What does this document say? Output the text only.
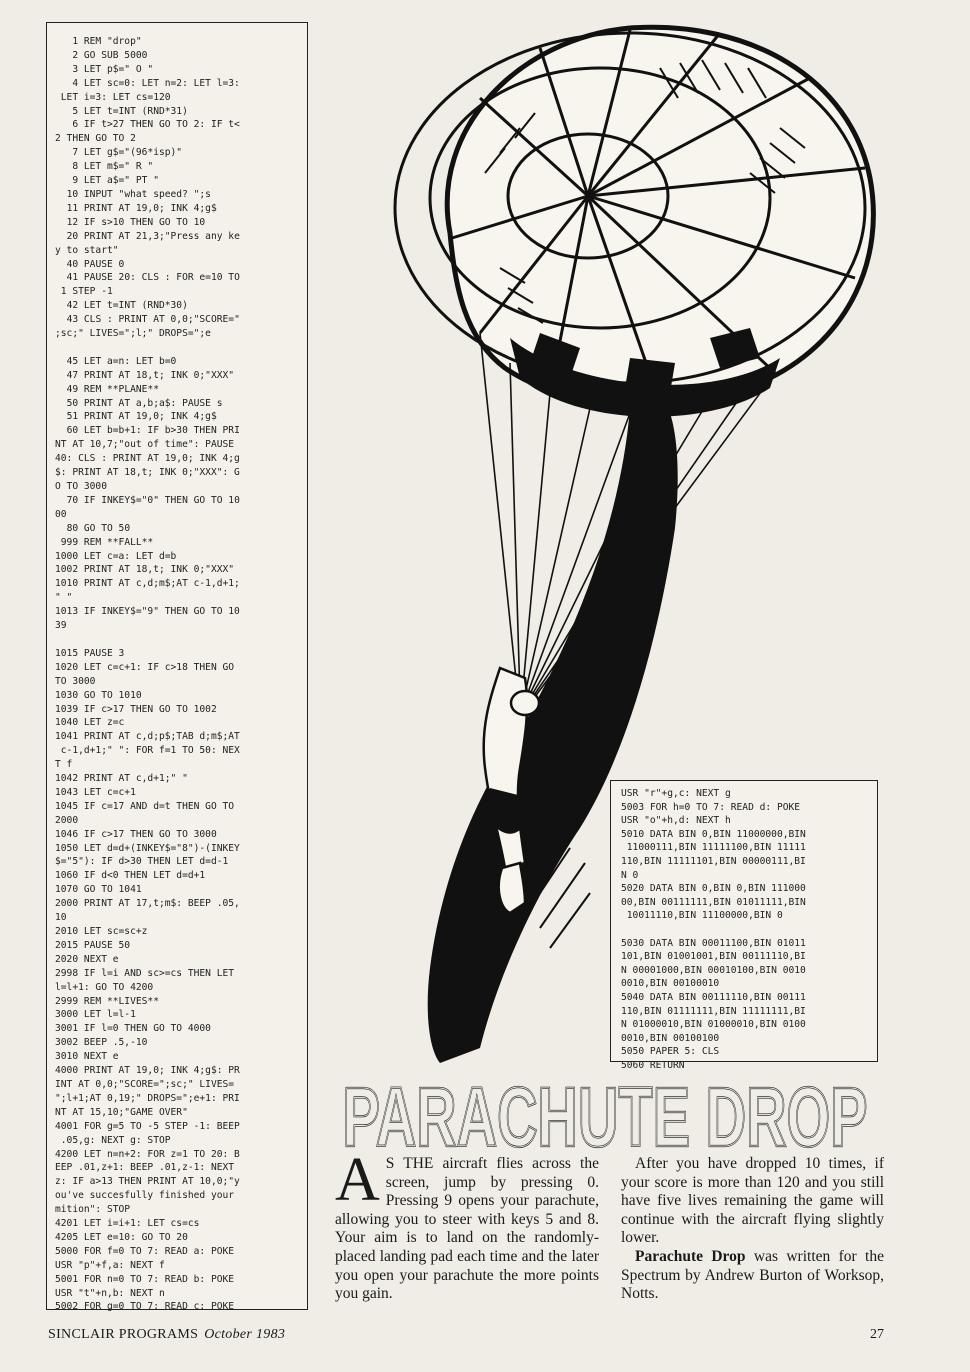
1 REM "drop"
2 GO SUB 5000
3 LET p$=" O "
4 LET sc=0: LET n=2: LET l=3:
LET i=3: LET cs=120
5 LET t=INT (RND*31)
6 IF t>27 THEN GO TO 2: IF t<
2 THEN GO TO 2
7 LET g$="(96*isp)"
8 LET m$=" R "
9 LET a$=" PT "
10 INPUT "what speed? ";s
11 PRINT AT 19,0; INK 4;g$
12 IF s>10 THEN GO TO 10
20 PRINT AT 21,3;"Press any ke
y to start"
40 PAUSE 0
41 PAUSE 20: CLS : FOR e=10 TO
1 STEP -1
42 LET t=INT (RND*30)
43 CLS : PRINT AT 0,0;"SCORE="
;sc;" LIVES=";l;" DROPS=";e

45 LET a=n: LET b=0
47 PRINT AT 18,t; INK 0;"XXX"
49 REM **PLANE**
50 PRINT AT a,b;a$: PAUSE s
51 PRINT AT 19,0; INK 4;g$
60 LET b=b+1: IF b>30 THEN PRI
NT AT 10,7;"out of time": PAUSE
40: CLS : PRINT AT 19,0; INK 4;g
$: PRINT AT 18,t; INK 0;"XXX": G
O TO 3000
70 IF INKEY$="0" THEN GO TO 10
00
80 GO TO 50
999 REM **FALL**
1000 LET c=a: LET d=b
1002 PRINT AT 18,t; INK 0;"XXX"
1010 PRINT AT c,d;m$;AT c-1,d+1;
" "
1013 IF INKEY$="9" THEN GO TO 10
39

1015 PAUSE 3
1020 LET c=c+1: IF c>18 THEN GO
TO 3000
1030 GO TO 1010
1039 IF c>17 THEN GO TO 1002
1040 LET z=c
1041 PRINT AT c,d;p$;TAB d;m$;AT
c-1,d+1;" ": FOR f=1 TO 50: NEX
T f
1042 PRINT AT c,d+1;" "
1043 LET c=c+1
1045 IF c=17 AND d=t THEN GO TO
2000
1046 IF c>17 THEN GO TO 3000
1050 LET d=d+(INKEY$="8")-(INKEY
$="5"): IF d>30 THEN LET d=d-1
1060 IF d<0 THEN LET d=d+1
1070 GO TO 1041
2000 PRINT AT 17,t;m$: BEEP .05,
10
2010 LET sc=sc+z
2015 PAUSE 50
2020 NEXT e
2998 IF l=i AND sc>=cs THEN LET
l=l+1: GO TO 4200
2999 REM **LIVES**
3000 LET l=l-1
3001 IF l=0 THEN GO TO 4000
3002 BEEP .5,-10
3010 NEXT e
4000 PRINT AT 19,0; INK 4;g$: PR
INT AT 0,0;"SCORE=";sc;" LIVES=
";l+1;AT 0,19;" DROPS=";e+1: PRI
NT AT 15,10;"GAME OVER"
4001 FOR g=5 TO -5 STEP -1: BEEP
.05,g: NEXT g: STOP
4200 LET n=n+2: FOR z=1 TO 20: B
EEP .01,z+1: BEEP .01,z-1: NEXT
z: IF a>13 THEN PRINT AT 10,0;"y
ou've succesfully finished your
mition": STOP
4201 LET i=i+1: LET cs=cs
4205 LET e=10: GO TO 20
5000 FOR f=0 TO 7: READ a: POKE
USR "p"+f,a: NEXT f
5001 FOR n=0 TO 7: READ b: POKE
USR "t"+n,b: NEXT n
5002 FOR g=0 TO 7: READ c: POKE
USR "r"+g,c: NEXT g
5003 FOR h=0 TO 7: READ d: POKE
USR "o"+h,d: NEXT h
5010 DATA BIN 0,BIN 11000000,BIN
11000111,BIN 11111100,BIN 11111
110,BIN 11111101,BIN 00000111,BI
N 0
5020 DATA BIN 0,BIN 0,BIN 111000
00,BIN 00111111,BIN 01011111,BIN
10011110,BIN 11100000,BIN 0

5030 DATA BIN 00011100,BIN 01011
101,BIN 01001001,BIN 00111110,BI
N 00001000,BIN 00010100,BIN 0010
0010,BIN 00100010
5040 DATA BIN 00111110,BIN 00111
110,BIN 01111111,BIN 11111111,BI
N 01000010,BIN 01000010,BIN 0100
0010,BIN 00100100
5050 PAPER 5: CLS
5060 RETURN
PARACHUTE DROP
PARACHUTE DROP

A S THE aircraft flies across the screen, jump by pressing 0. Pressing 9 opens your parachute, allowing you to steer with keys 5 and 8. Your aim is to land on the randomly-placed landing pad each time and the later you open your parachute the more points you gain.

After you have dropped 10 times, if your score is more than 120 and you still have five lives remaining the game will continue with the aircraft flying slightly lower.

Parachute Drop was written for the Spectrum by Andrew Burton of Worksop, Notts.

SINCLAIR PROGRAMS October 1983	27
